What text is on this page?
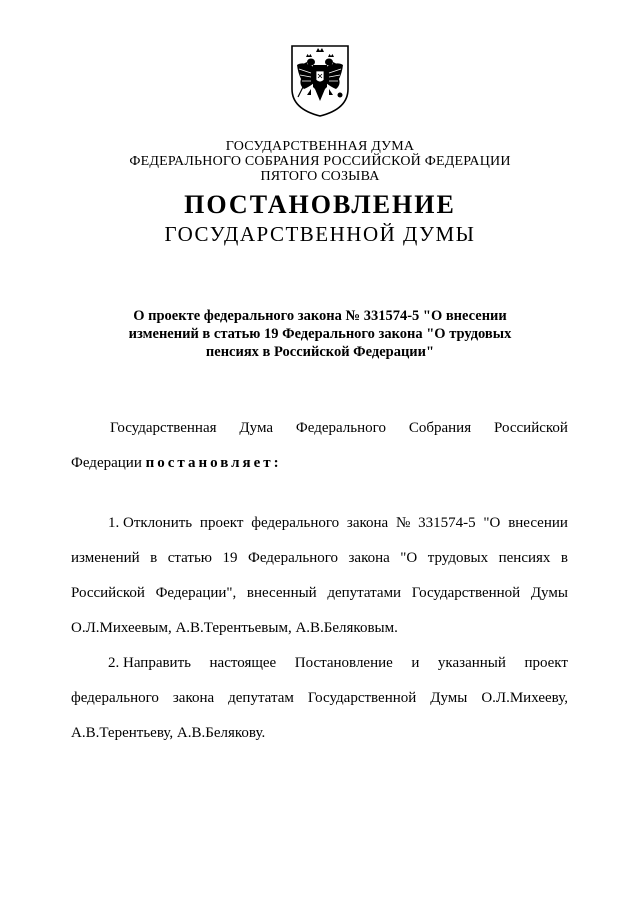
ГОСУДАРСТВЕННАЯ ДУМА
ФЕДЕРАЛЬНОГО СОБРАНИЯ РОССИЙСКОЙ ФЕДЕРАЦИИ
ПЯТОГО СОЗЫВА
ПОСТАНОВЛЕНИЕ
ГОСУДАРСТВЕННОЙ ДУМЫ
О проекте федерального закона № 331574-5 "О внесении
изменений в статью 19 Федерального закона "О трудовых
пенсиях в Российской Федерации"
Государственная Дума Федерального Собрания Российской
Федерации постановляет:
1. Отклонить проект федерального закона № 331574-5 "О внесении
изменений в статью 19 Федерального закона "О трудовых пенсиях в
Российской Федерации", внесенный депутатами Государственной Думы
О.Л.Михеевым, А.В.Терентьевым, А.В.Беляковым.
2. Направить настоящее Постановление и указанный проект
федерального закона депутатам Государственной Думы О.Л.Михееву,
А.В.Терентьеву, А.В.Белякову.
